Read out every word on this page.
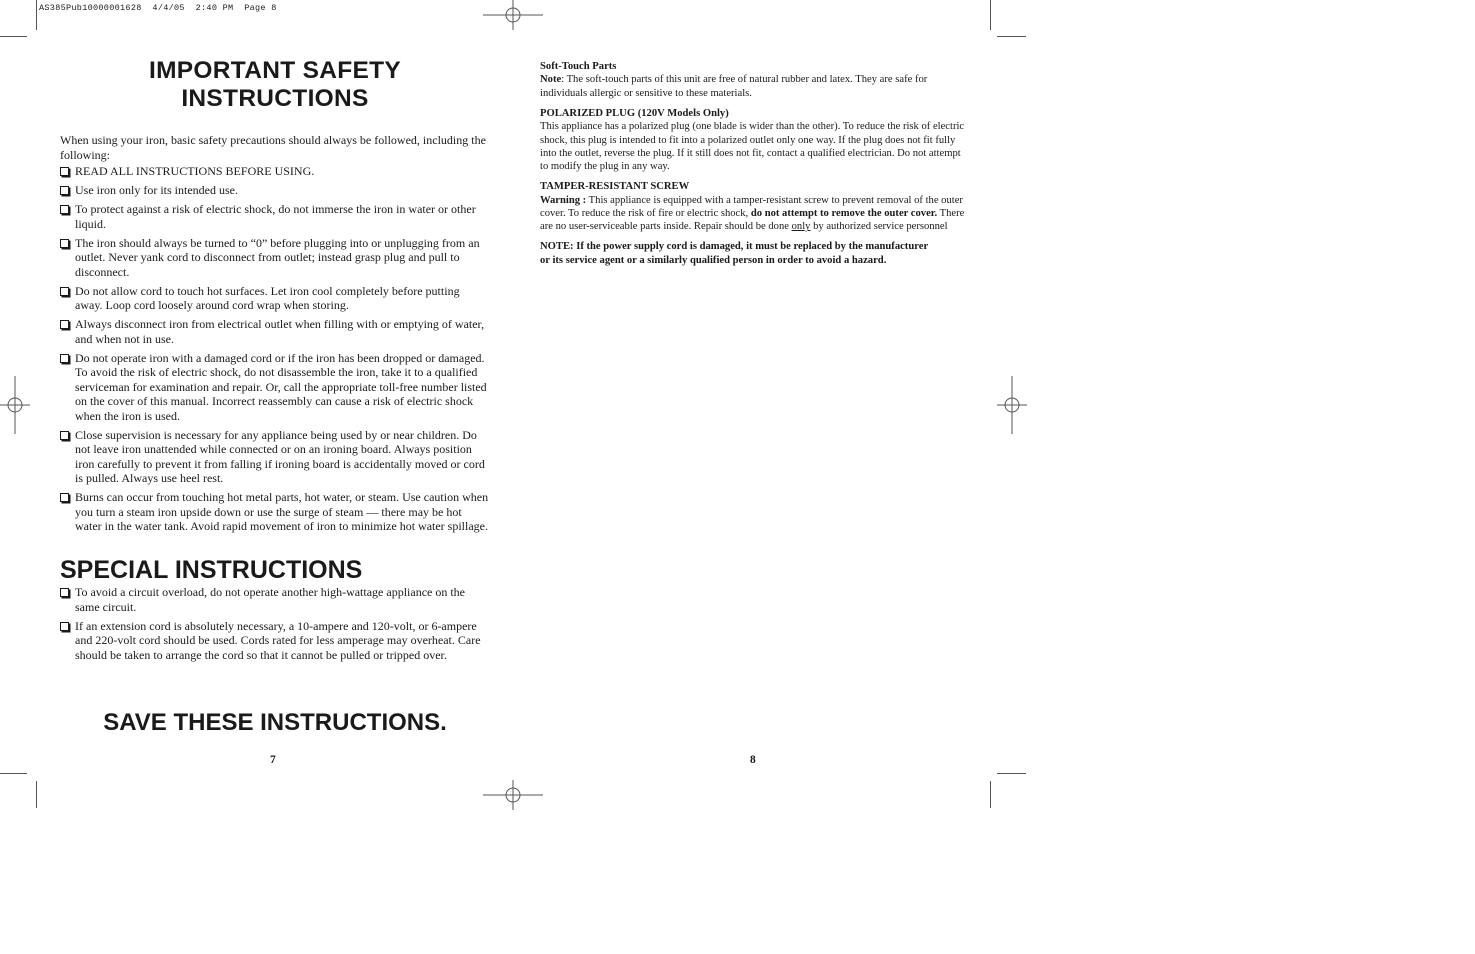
AS385Pub10000001628  4/4/05  2:40 PM  Page 8
IMPORTANT SAFETY INSTRUCTIONS
When using your iron, basic safety precautions should always be followed, including the following:
READ ALL INSTRUCTIONS BEFORE USING.
Use iron only for its intended use.
To protect against a risk of electric shock, do not immerse the iron in water or other liquid.
The iron should always be turned to “0” before plugging into or unplugging from an outlet. Never yank cord to disconnect from outlet; instead grasp plug and pull to disconnect.
Do not allow cord to touch hot surfaces. Let iron cool completely before putting away. Loop cord loosely around cord wrap when storing.
Always disconnect iron from electrical outlet when filling with or emptying of water, and when not in use.
Do not operate iron with a damaged cord or if the iron has been dropped or damaged. To avoid the risk of electric shock, do not disassemble the iron, take it to a qualified serviceman for examination and repair. Or, call the appropriate toll-free number listed on the cover of this manual. Incorrect reassembly can cause a risk of electric shock when the iron is used.
Close supervision is necessary for any appliance being used by or near children. Do not leave iron unattended while connected or on an ironing board. Always position iron carefully to prevent it from falling if ironing board is accidentally moved or cord is pulled. Always use heel rest.
Burns can occur from touching hot metal parts, hot water, or steam. Use caution when you turn a steam iron upside down or use the surge of steam — there may be hot water in the water tank. Avoid rapid movement of iron to minimize hot water spillage.
SPECIAL INSTRUCTIONS
To avoid a circuit overload, do not operate another high-wattage appliance on the same circuit.
If an extension cord is absolutely necessary, a 10-ampere and 120-volt, or 6-ampere and 220-volt cord should be used. Cords rated for less amperage may overheat. Care should be taken to arrange the cord so that it cannot be pulled or tripped over.
SAVE THESE INSTRUCTIONS.
7

Soft-Touch Parts
Note: The soft-touch parts of this unit are free of natural rubber and latex. They are safe for individuals allergic or sensitive to these materials.

POLARIZED PLUG (120V Models Only)
This appliance has a polarized plug (one blade is wider than the other). To reduce the risk of electric shock, this plug is intended to fit into a polarized outlet only one way. If the plug does not fit fully into the outlet, reverse the plug. If it still does not fit, contact a qualified electrician. Do not attempt to modify the plug in any way.

TAMPER-RESISTANT SCREW
Warning : This appliance is equipped with a tamper-resistant screw to prevent removal of the outer cover. To reduce the risk of fire or electric shock, do not attempt to remove the outer cover. There are no user-serviceable parts inside. Repair should be done only by authorized service personnel

NOTE: If the power supply cord is damaged, it must be replaced by the manufacturer or its service agent or a similarly qualified person in order to avoid a hazard.

8
